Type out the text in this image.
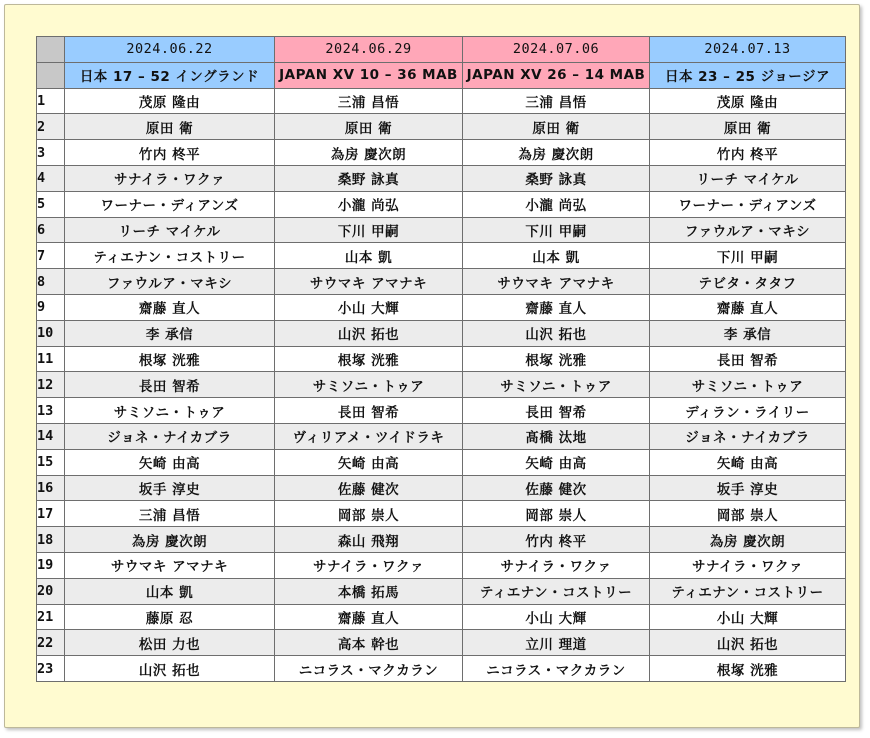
	2024.06.22	2024.06.29	2024.07.06	2024.07.13
	日本 17 – 52 イングランド	JAPAN XV 10 – 36 MAB	JAPAN XV 26 – 14 MAB	日本 23 – 25 ジョージア
1	茂原 隆由	三浦 昌悟	三浦 昌悟	茂原 隆由
2	原田 衛	原田 衛	原田 衛	原田 衛
3	竹内 柊平	為房 慶次朗	為房 慶次朗	竹内 柊平
4	サナイラ・ワクァ	桑野 詠真	桑野 詠真	リーチ マイケル
5	ワーナー・ディアンズ	小瀧 尚弘	小瀧 尚弘	ワーナー・ディアンズ
6	リーチ マイケル	下川 甲嗣	下川 甲嗣	ファウルア・マキシ
7	ティエナン・コストリー	山本 凱	山本 凱	下川 甲嗣
8	ファウルア・マキシ	サウマキ アマナキ	サウマキ アマナキ	テビタ・タタフ
9	齋藤 直人	小山 大輝	齋藤 直人	齋藤 直人
10	李 承信	山沢 拓也	山沢 拓也	李 承信
11	根塚 洸雅	根塚 洸雅	根塚 洸雅	長田 智希
12	長田 智希	サミソニ・トゥア	サミソニ・トゥア	サミソニ・トゥア
13	サミソニ・トゥア	長田 智希	長田 智希	ディラン・ライリー
14	ジョネ・ナイカブラ	ヴィリアメ・ツイドラキ	髙橋 汰地	ジョネ・ナイカブラ
15	矢崎 由高	矢崎 由高	矢崎 由高	矢崎 由高
16	坂手 淳史	佐藤 健次	佐藤 健次	坂手 淳史
17	三浦 昌悟	岡部 崇人	岡部 崇人	岡部 崇人
18	為房 慶次朗	森山 飛翔	竹内 柊平	為房 慶次朗
19	サウマキ アマナキ	サナイラ・ワクァ	サナイラ・ワクァ	サナイラ・ワクァ
20	山本 凱	本橋 拓馬	ティエナン・コストリー	ティエナン・コストリー
21	藤原 忍	齋藤 直人	小山 大輝	小山 大輝
22	松田 力也	高本 幹也	立川 理道	山沢 拓也
23	山沢 拓也	ニコラス・マクカラン	ニコラス・マクカラン	根塚 洸雅
